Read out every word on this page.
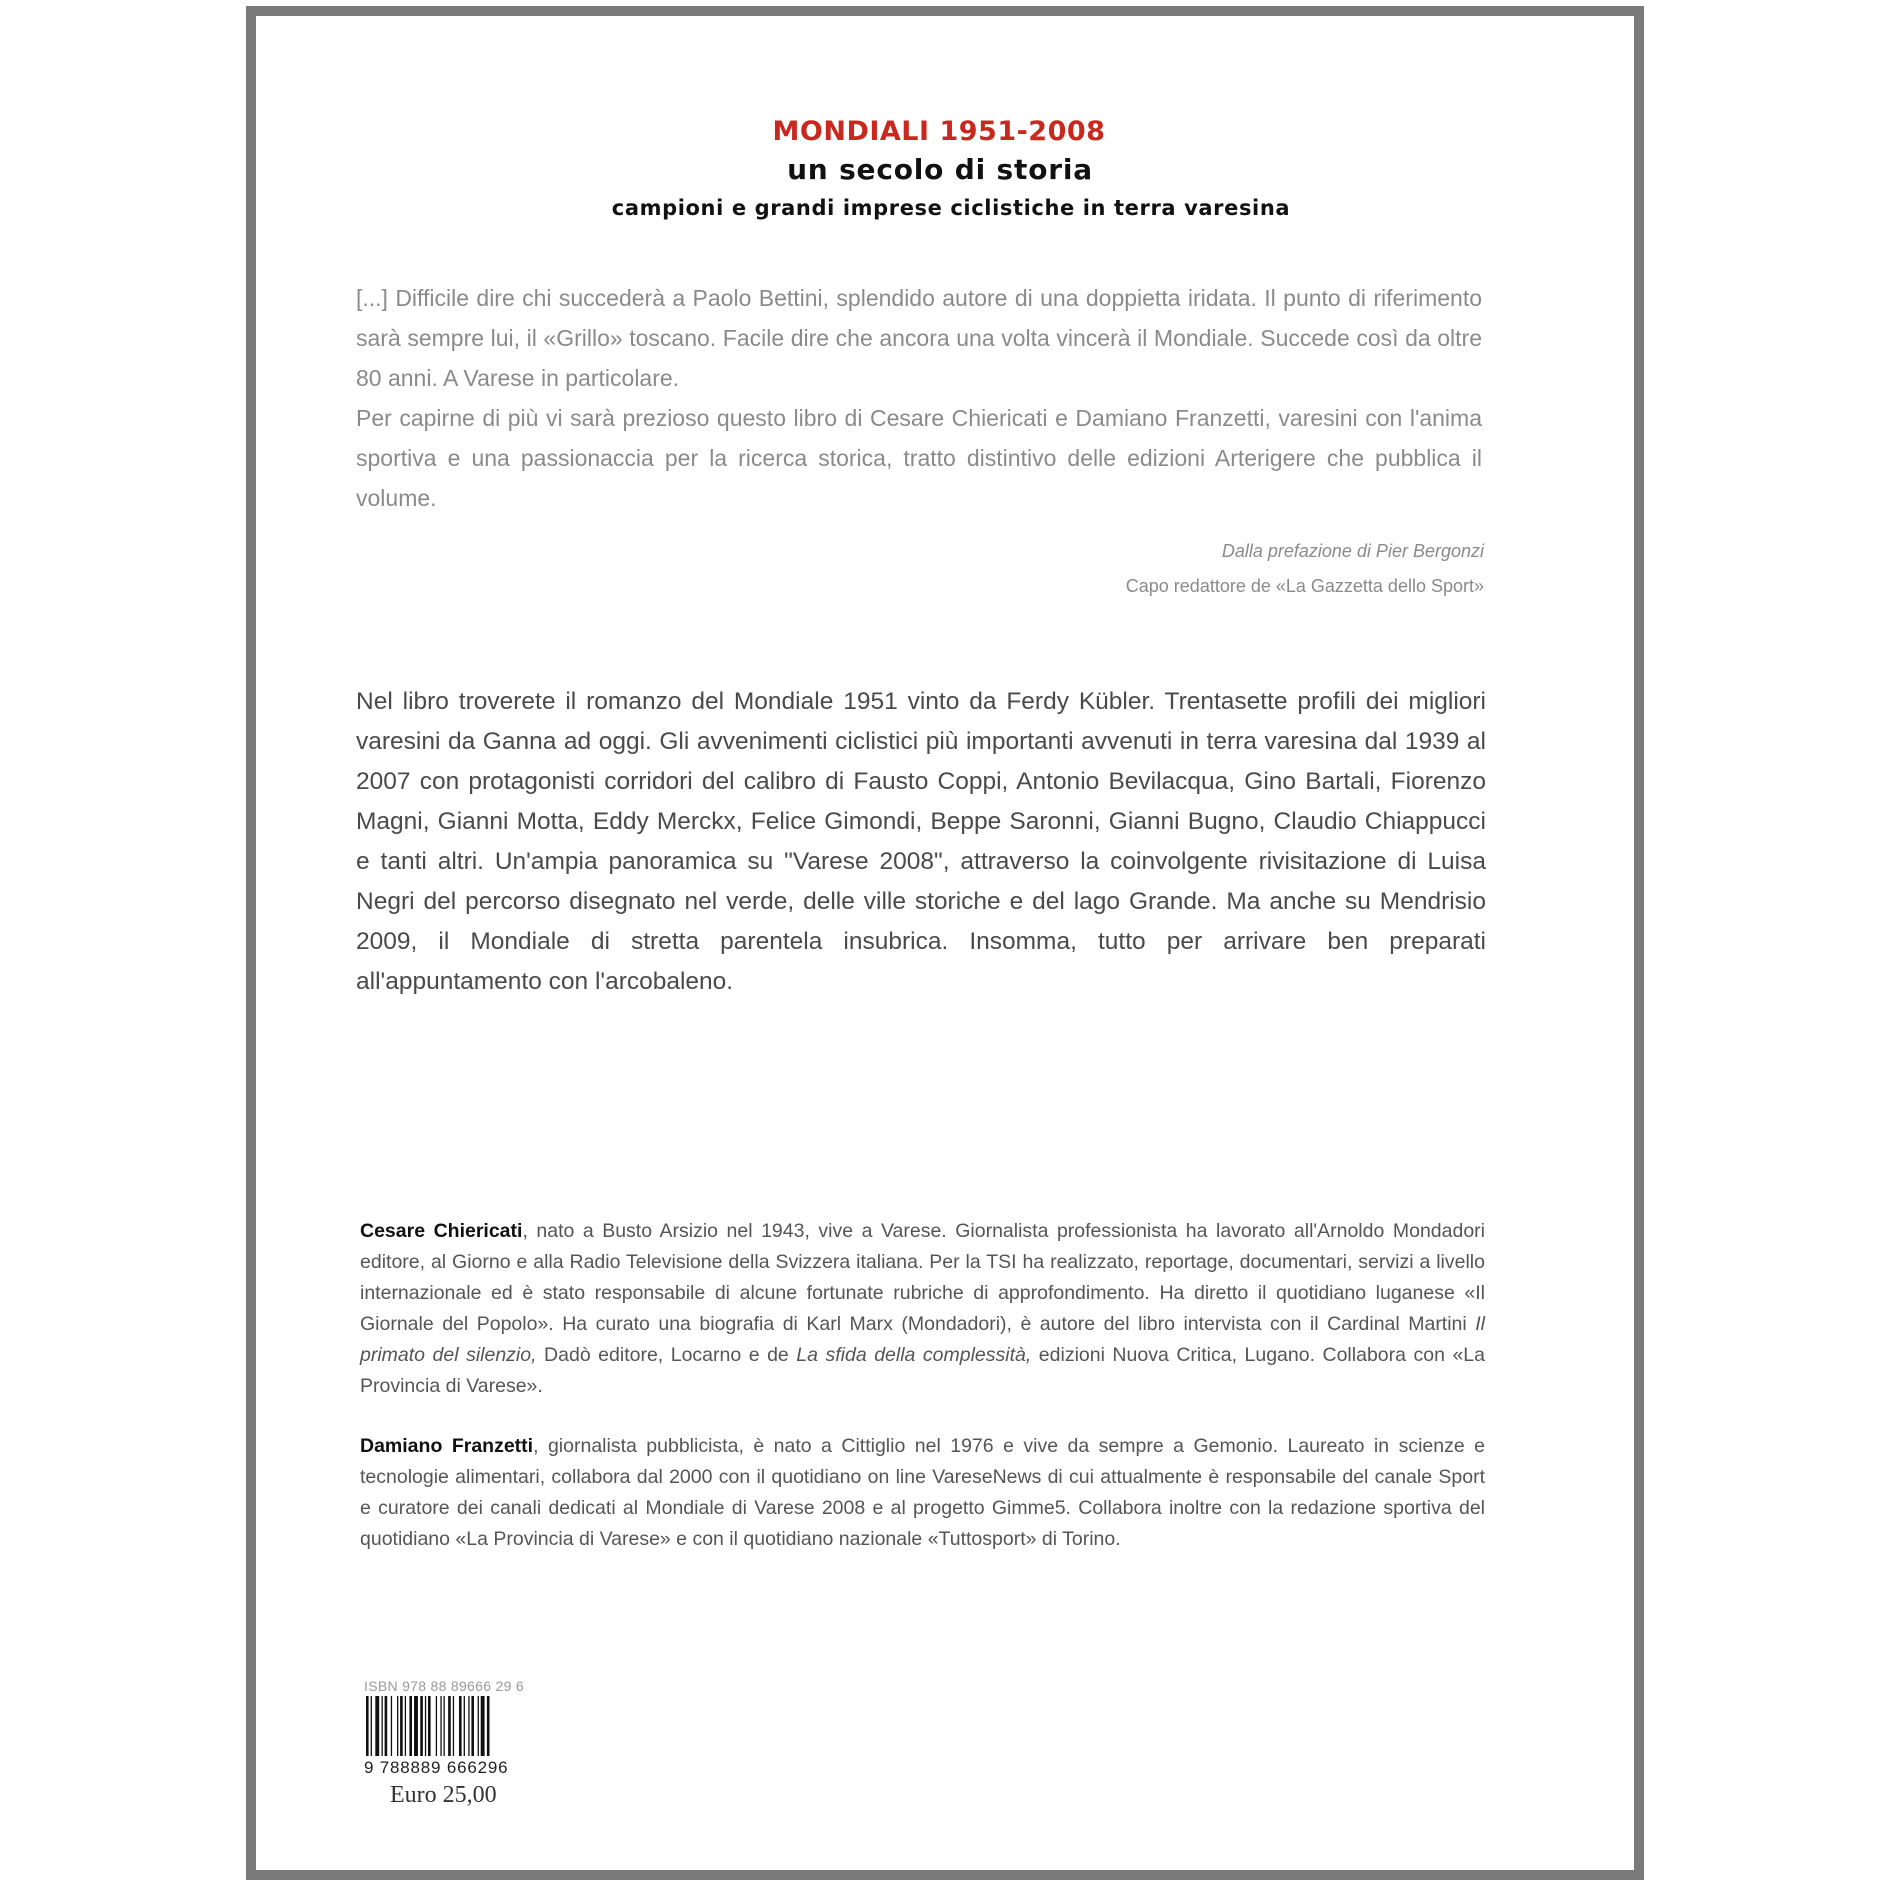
MONDIALI 1951-2008
un secolo di storia
campioni e grandi imprese ciclistiche in terra varesina

[...] Difficile dire chi succederà a Paolo Bettini, splendido autore di una doppietta iridata. Il punto di riferimento sarà sempre lui, il «Grillo» toscano. Facile dire che ancora una volta vincerà il Mondiale. Succede così da oltre 80 anni. A Varese in particolare.

Per capirne di più vi sarà prezioso questo libro di Cesare Chiericati e Damiano Franzetti, varesini con l'anima sportiva e una passionaccia per la ricerca storica, tratto distintivo delle edizioni Arterigere che pubblica il volume.

Dalla prefazione di Pier Bergonzi
Capo redattore de «La Gazzetta dello Sport»

Nel libro troverete il romanzo del Mondiale 1951 vinto da Ferdy Kübler. Trentasette profili dei migliori varesini da Ganna ad oggi. Gli avvenimenti ciclistici più importanti avvenuti in terra varesina dal 1939 al 2007 con protagonisti corridori del calibro di Fausto Coppi, Antonio Bevilacqua, Gino Bartali, Fiorenzo Magni, Gianni Motta, Eddy Merckx, Felice Gimondi, Beppe Saronni, Gianni Bugno, Claudio Chiappucci e tanti altri. Un'ampia panoramica su "Varese 2008", attraverso la coinvolgente rivisitazione di Luisa Negri del percorso disegnato nel verde, delle ville storiche e del lago Grande. Ma anche su Mendrisio 2009, il Mondiale di stretta parentela insubrica. Insomma, tutto per arrivare ben preparati all'appuntamento con l'arcobaleno.

Cesare Chiericati, nato a Busto Arsizio nel 1943, vive a Varese. Giornalista professionista ha lavorato all'Arnoldo Mondadori editore, al Giorno e alla Radio Televisione della Svizzera italiana. Per la TSI ha realizzato, reportage, documentari, servizi a livello internazionale ed è stato responsabile di alcune fortunate rubriche di approfondimento. Ha diretto il quotidiano luganese «Il Giornale del Popolo». Ha curato una biografia di Karl Marx (Mondadori), è autore del libro intervista con il Cardinal Martini Il primato del silenzio, Dadò editore, Locarno e de La sfida della complessità, edizioni Nuova Critica, Lugano. Collabora con «La Provincia di Varese».

Damiano Franzetti, giornalista pubblicista, è nato a Cittiglio nel 1976 e vive da sempre a Gemonio. Laureato in scienze e tecnologie alimentari, collabora dal 2000 con il quotidiano on line VareseNews di cui attualmente è responsabile del canale Sport e curatore dei canali dedicati al Mondiale di Varese 2008 e al progetto Gimme5. Collabora inoltre con la redazione sportiva del quotidiano «La Provincia di Varese» e con il quotidiano nazionale «Tuttosport» di Torino.

ISBN 978 88 89666 29 6
9 788889 666296
Euro 25,00
